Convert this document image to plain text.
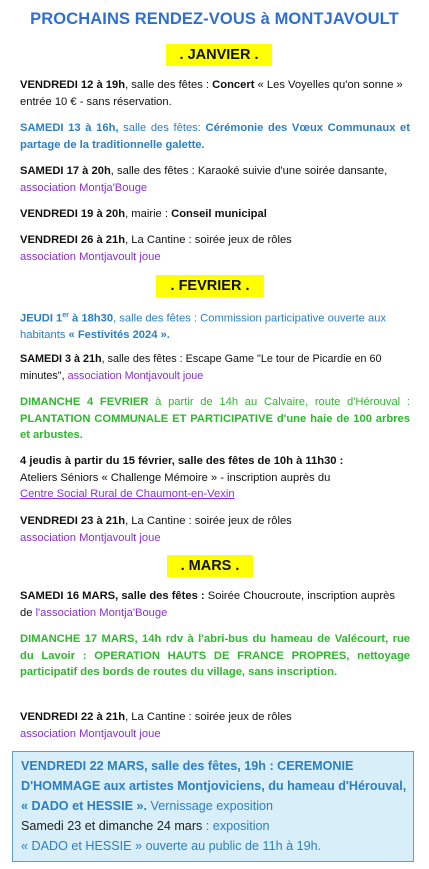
PROCHAINS RENDEZ-VOUS à MONTJAVOULT
. JANVIER .
VENDREDI 12 à 19h, salle des fêtes : Concert « Les Voyelles qu'on sonne » entrée 10 € - sans réservation.
SAMEDI 13 à 16h, salle des fêtes: Cérémonie des Vœux Communaux et partage de la traditionnelle galette.
SAMEDI 17 à 20h, salle des fêtes : Karaoké suivie d'une soirée dansante, association Montja'Bouge
VENDREDI 19 à 20h, mairie : Conseil municipal
VENDREDI 26 à 21h, La Cantine : soirée jeux de rôles
association Montjavoult joue
. FEVRIER .
JEUDI 1er à 18h30, salle des fêtes : Commission participative ouverte aux habitants « Festivités 2024 ».
SAMEDI 3 à 21h, salle des fêtes : Escape Game "Le tour de Picardie en 60 minutes", association Montjavoult joue
DIMANCHE 4 FEVRIER à partir de 14h au Calvaire, route d'Hérouval : PLANTATION COMMUNALE ET PARTICIPATIVE d'une haie de 100 arbres et arbustes.
4 jeudis à partir du 15 février, salle des fêtes de 10h à 11h30 :
Ateliers Séniors « Challenge Mémoire » - inscription auprès du
Centre Social Rural de Chaumont-en-Vexin
VENDREDI 23 à 21h, La Cantine : soirée jeux de rôles
association Montjavoult joue
. MARS .
SAMEDI 16 MARS, salle des fêtes : Soirée Choucroute, inscription auprès de l'association Montja'Bouge
DIMANCHE 17 MARS, 14h rdv à l'abri-bus du hameau de Valécourt, rue du Lavoir : OPERATION HAUTS DE FRANCE PROPRES, nettoyage participatif des bords de routes du village, sans inscription.
VENDREDI 22 à 21h, La Cantine : soirée jeux de rôles
association Montjavoult joue
VENDREDI 22 MARS, salle des fêtes, 19h : CEREMONIE D'HOMMAGE aux artistes Montjoviciens, du hameau d'Hérouval, « DADO et HESSIE ». Vernissage exposition
Samedi 23 et dimanche 24 mars : exposition
« DADO et HESSIE » ouverte au public de 11h à 19h.
